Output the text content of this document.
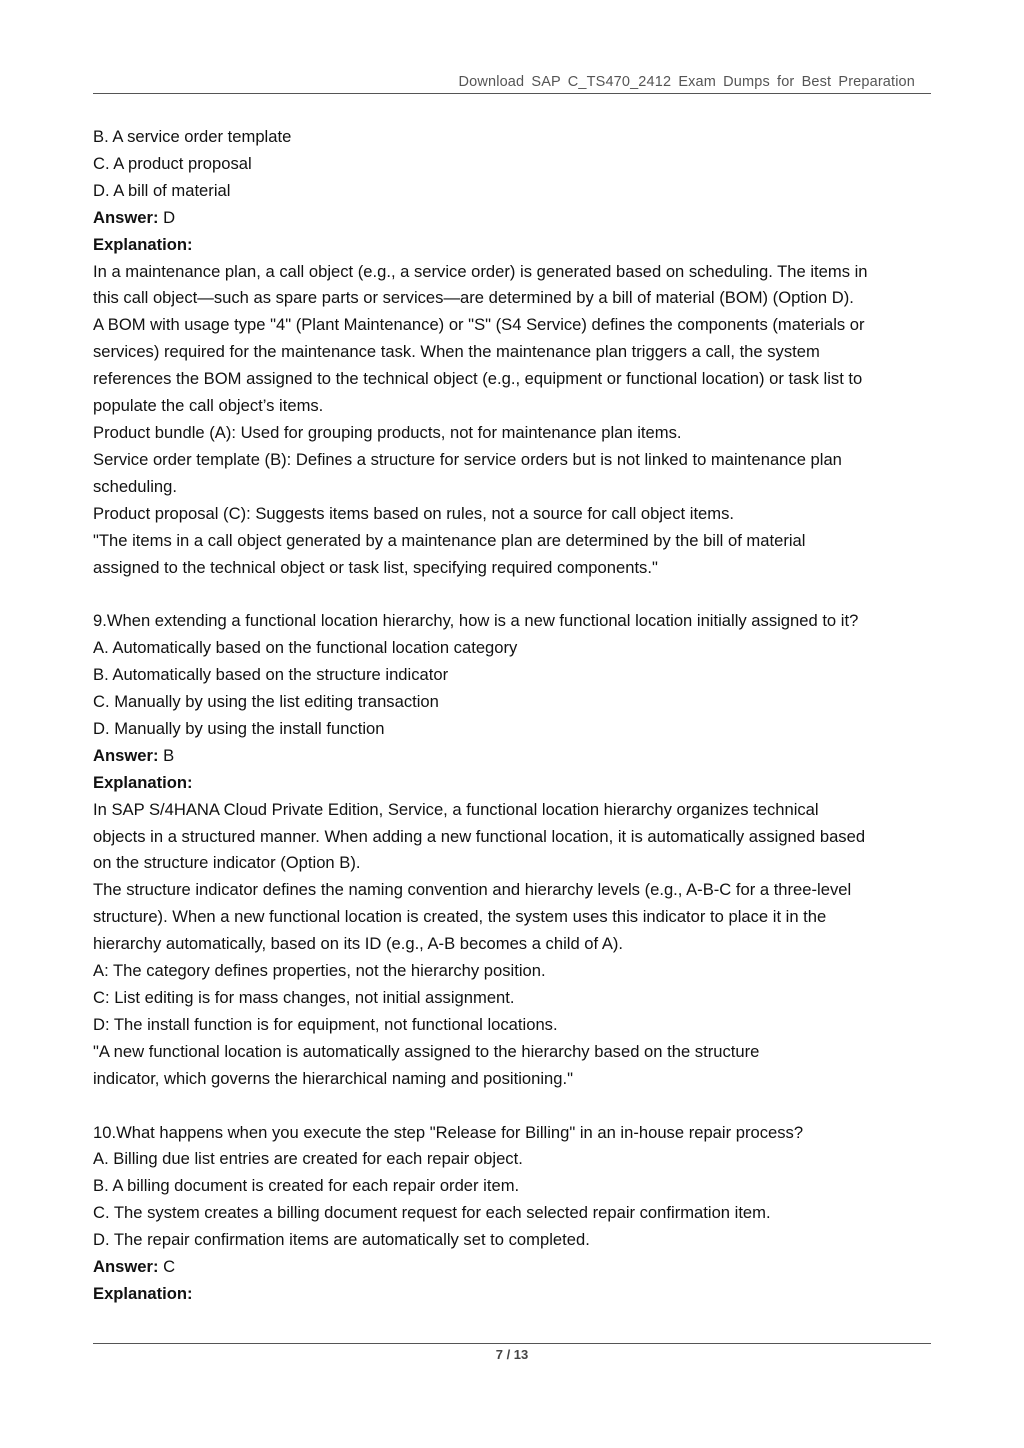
Download SAP C_TS470_2412 Exam Dumps for Best Preparation

B. A service order template

C. A product proposal

D. A bill of material

Answer: D

Explanation:

In a maintenance plan, a call object (e.g., a service order) is generated based on scheduling. The items in

this call object—such as spare parts or services—are determined by a bill of material (BOM) (Option D).

A BOM with usage type "4" (Plant Maintenance) or "S" (S4 Service) defines the components (materials or

services) required for the maintenance task. When the maintenance plan triggers a call, the system

references the BOM assigned to the technical object (e.g., equipment or functional location) or task list to

populate the call object’s items.

Product bundle (A): Used for grouping products, not for maintenance plan items.

Service order template (B): Defines a structure for service orders but is not linked to maintenance plan

scheduling.

Product proposal (C): Suggests items based on rules, not a source for call object items.

"The items in a call object generated by a maintenance plan are determined by the bill of material

assigned to the technical object or task list, specifying required components."

9.When extending a functional location hierarchy, how is a new functional location initially assigned to it?

A. Automatically based on the functional location category

B. Automatically based on the structure indicator

C. Manually by using the list editing transaction

D. Manually by using the install function

Answer: B

Explanation:

In SAP S/4HANA Cloud Private Edition, Service, a functional location hierarchy organizes technical

objects in a structured manner. When adding a new functional location, it is automatically assigned based

on the structure indicator (Option B).

The structure indicator defines the naming convention and hierarchy levels (e.g., A-B-C for a three-level

structure). When a new functional location is created, the system uses this indicator to place it in the

hierarchy automatically, based on its ID (e.g., A-B becomes a child of A).

A: The category defines properties, not the hierarchy position.

C: List editing is for mass changes, not initial assignment.

D: The install function is for equipment, not functional locations.

"A new functional location is automatically assigned to the hierarchy based on the structure

indicator, which governs the hierarchical naming and positioning."

10.What happens when you execute the step "Release for Billing" in an in-house repair process?

A. Billing due list entries are created for each repair object.

B. A billing document is created for each repair order item.

C. The system creates a billing document request for each selected repair confirmation item.

D. The repair confirmation items are automatically set to completed.

Answer: C

Explanation:

7 / 13
